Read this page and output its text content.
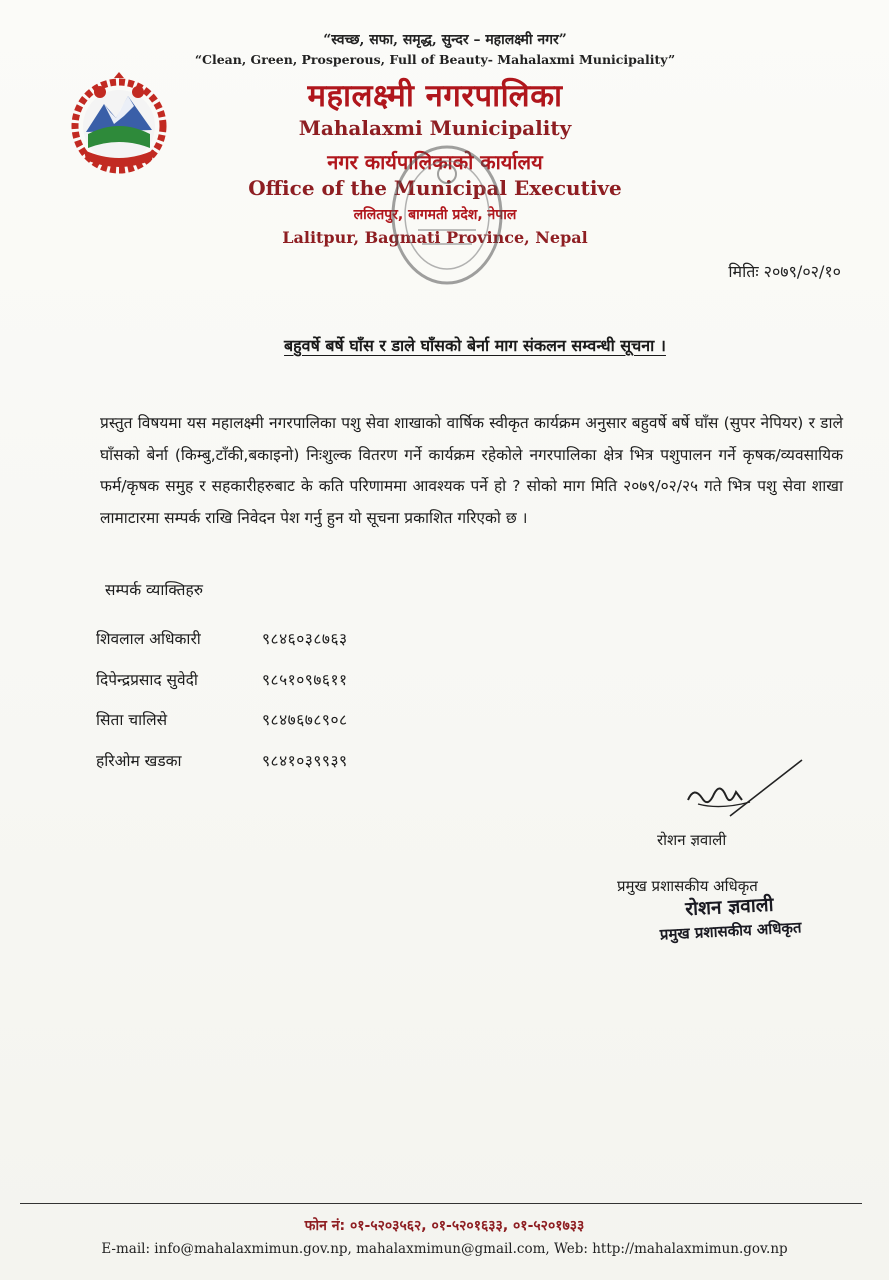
“स्वच्छ, सफा, समृद्ध, सुन्दर – महालक्ष्मी नगर”
“Clean, Green, Prosperous, Full of Beauty- Mahalaxmi Municipality”
महालक्ष्मी नगरपालिका
Mahalaxmi Municipality
नगर कार्यपालिकाको कार्यालय
Office of the Municipal Executive
ललितपुर, बागमती प्रदेश, नेपाल
Lalitpur, Bagmati Province, Nepal
मितिः २०७९/०२/१०
बहुवर्षे बर्षे घाँस र डाले घाँसको बेर्ना माग संकलन सम्वन्धी सूचना ।
प्रस्तुत विषयमा यस महालक्ष्मी नगरपालिका पशु सेवा शाखाको वार्षिक स्वीकृत कार्यक्रम अनुसार बहुवर्षे बर्षे घाँस (सुपर नेपियर) र डाले घाँसको बेर्ना (किम्बु,टाँकी,बकाइनो) निःशुल्क वितरण गर्ने कार्यक्रम रहेकोले नगरपालिका क्षेत्र भित्र पशुपालन गर्ने कृषक/व्यवसायिक फर्म/कृषक समुह र सहकारीहरुबाट के कति परिणाममा आवश्यक पर्ने हो ? सोको माग मिति २०७९/०२/२५ गते भित्र पशु सेवा शाखा लामाटारमा सम्पर्क राखि निवेदन पेश गर्नु हुन यो सूचना प्रकाशित गरिएको छ ।
सम्पर्क व्याक्तिहरु
शिवलाल अधिकारी	९८४६०३८७६३
दिपेन्द्रप्रसाद सुवेदी	९८५१०९७६११
सिता चालिसे	९८४७६७८९०८
हरिओम खडका	९८४१०३९९३९
रोशन ज्ञवाली
प्रमुख प्रशासकीय अधिकृत
रोशन ज्ञवाली
प्रमुख प्रशासकीय अधिकृत
फोन नं: ०१-५२०३५६२, ०१-५२०१६३३, ०१-५२०१७३३
E-mail: info@mahalaxmimun.gov.np, mahalaxmimun@gmail.com, Web: http://mahalaxmimun.gov.np
